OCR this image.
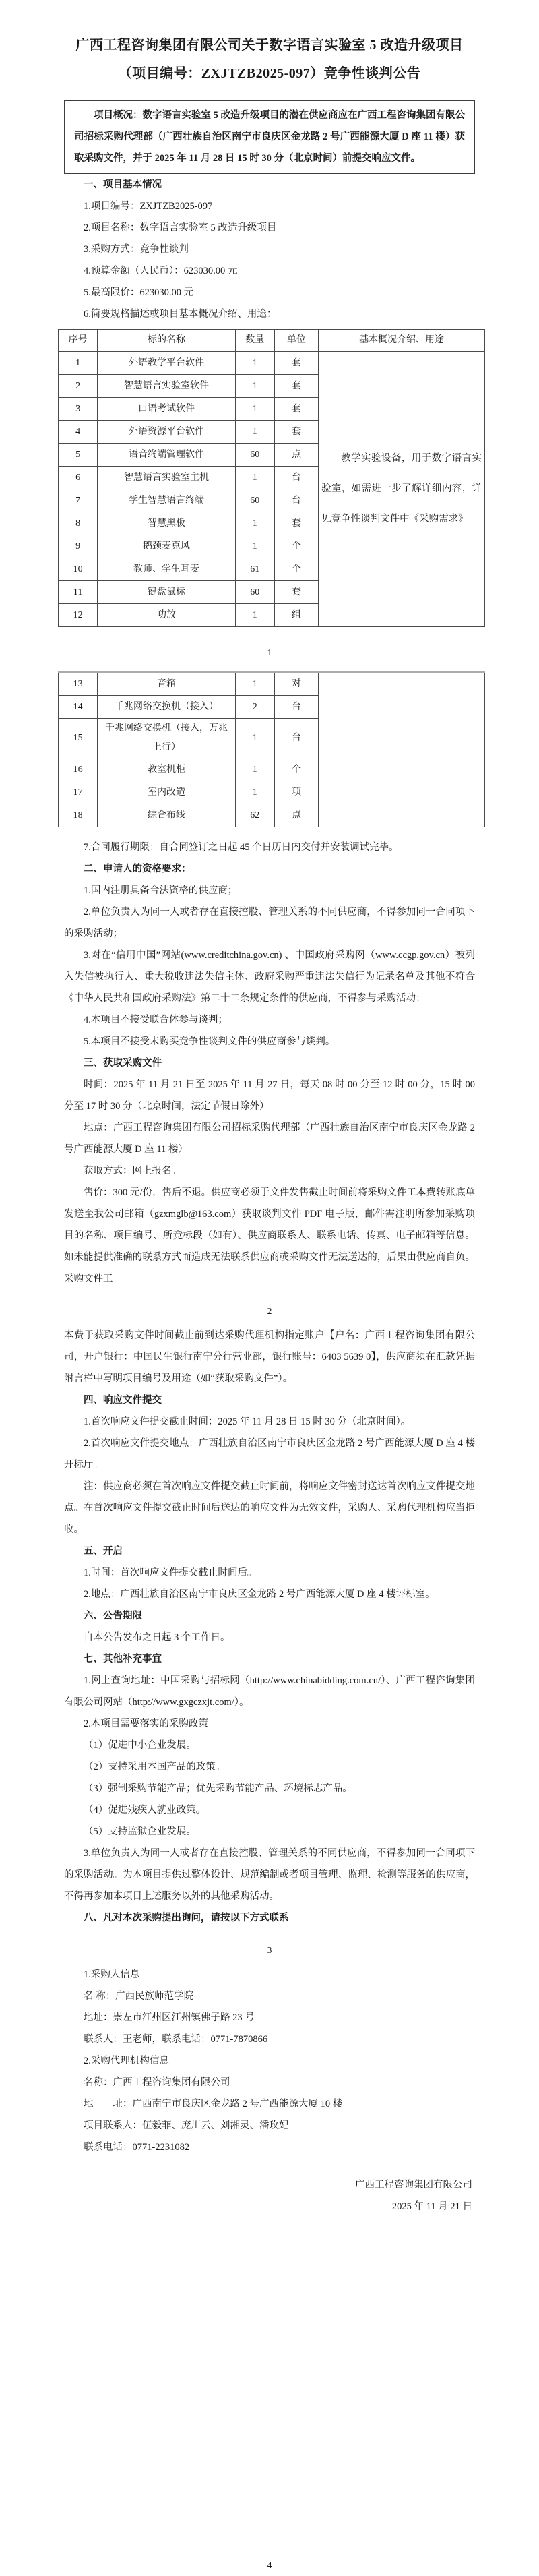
广西工程咨询集团有限公司关于数字语言实验室 5 改造升级项目
（项目编号：ZXJTZB2025-097）竞争性谈判公告
项目概况：数字语言实验室 5 改造升级项目的潜在供应商应在广西工程咨询集团有限公司招标采购代理部（广西壮族自治区南宁市良庆区金龙路 2 号广西能源大厦 D 座 11 楼）获取采购文件，并于 2025 年 11 月 28 日 15 时 30 分（北京时间）前提交响应文件。

一、项目基本情况

1.项目编号：ZXJTZB2025-097

2.项目名称：数字语言实验室 5 改造升级项目

3.采购方式：竞争性谈判

4.预算金额（人民币）：623030.00 元

5.最高限价：623030.00 元

6.简要规格描述或项目基本概况介绍、用途：

序号	标的名称	数量	单位	基本概况介绍、用途
1	外语教学平台软件	1	套	教学实验设备，用于数字语言实验室，如需进一步了解详细内容，详见竞争性谈判文件中《采购需求》。

2	智慧语言实验室软件	1	套	
3	口语考试软件	1	套	
4	外语资源平台软件	1	套	
5	语音终端管理软件	60	点	
6	智慧语言实验室主机	1	台	
7	学生智慧语言终端	60	台	
8	智慧黑板	1	套	
9	鹅颈麦克风	1	个	
10	教师、学生耳麦	61	个	
11	键盘鼠标	60	套	
12	功放	1	组	

1

13	音箱	1	对	
14	千兆网络交换机（接入）	2	台	
15	千兆网络交换机（接入，万兆上行）	1	台	
16	教室机柜	1	个	
17	室内改造	1	项	
18	综合布线	62	点	

7.合同履行期限：自合同签订之日起 45 个日历日内交付并安装调试完毕。

二、申请人的资格要求：

1.国内注册具备合法资格的供应商；

2.单位负责人为同一人或者存在直接控股、管理关系的不同供应商，不得参加同一合同项下的采购活动；

3.对在“信用中国”网站(www.creditchina.gov.cn) 、中国政府采购网（www.ccgp.gov.cn）被列入失信被执行人、重大税收违法失信主体、政府采购严重违法失信行为记录名单及其他不符合《中华人民共和国政府采购法》第二十二条规定条件的供应商，不得参与采购活动；

4.本项目不接受联合体参与谈判；

5.本项目不接受未购买竞争性谈判文件的供应商参与谈判。

三、获取采购文件

时间：2025 年 11 月 21 日至 2025 年 11 月 27 日，每天 08 时 00 分至 12 时 00 分，15 时 00 分至 17 时 30 分（北京时间，法定节假日除外）

地点：广西工程咨询集团有限公司招标采购代理部（广西壮族自治区南宁市良庆区金龙路 2 号广西能源大厦 D 座 11 楼）

获取方式：网上报名。

售价：300 元/份，售后不退。供应商必须于文件发售截止时间前将采购文件工本费转账底单发送至我公司邮箱（gzxmglb@163.com）获取谈判文件 PDF 电子版，邮件需注明所参加采购项目的名称、项目编号、所竞标段（如有）、供应商联系人、联系电话、传真、电子邮箱等信息。如未能提供准确的联系方式而造成无法联系供应商或采购文件无法送达的，后果由供应商自负。采购文件工

2

本费于获取采购文件时间截止前到达采购代理机构指定账户【户名：广西工程咨询集团有限公司，开户银行：中国民生银行南宁分行营业部，银行账号：6403 5639 0】，供应商须在汇款凭据附言栏中写明项目编号及用途（如“获取采购文件”）。

四、响应文件提交

1.首次响应文件提交截止时间：2025 年 11 月 28 日 15 时 30 分（北京时间）。

2.首次响应文件提交地点：广西壮族自治区南宁市良庆区金龙路 2 号广西能源大厦 D 座 4 楼开标厅。

注：供应商必须在首次响应文件提交截止时间前，将响应文件密封送达首次响应文件提交地点。在首次响应文件提交截止时间后送达的响应文件为无效文件，采购人、采购代理机构应当拒收。

五、开启

1.时间：首次响应文件提交截止时间后。

2.地点：广西壮族自治区南宁市良庆区金龙路 2 号广西能源大厦 D 座 4 楼评标室。

六、公告期限

自本公告发布之日起 3 个工作日。

七、其他补充事宜

1.网上查询地址：中国采购与招标网（http://www.chinabidding.com.cn/）、广西工程咨询集团有限公司网站（http://www.gxgczxjt.com/）。

2.本项目需要落实的采购政策

（1）促进中小企业发展。

（2）支持采用本国产品的政策。

（3）强制采购节能产品；优先采购节能产品、环境标志产品。

（4）促进残疾人就业政策。

（5）支持监狱企业发展。

3.单位负责人为同一人或者存在直接控股、管理关系的不同供应商，不得参加同一合同项下的采购活动。为本项目提供过整体设计、规范编制或者项目管理、监理、检测等服务的供应商，不得再参加本项目上述服务以外的其他采购活动。

八、凡对本次采购提出询问，请按以下方式联系

3

1.采购人信息

名 称：广西民族师范学院

地址：崇左市江州区江州镇佛子路 23 号

联系人：王老师，联系电话：0771-7870866

2.采购代理机构信息

名称：广西工程咨询集团有限公司

地　　址：广西南宁市良庆区金龙路 2 号广西能源大厦 10 楼

项目联系人：伍毅菲、庞川云、刘湘灵、潘玫妃

联系电话：0771-2231082

广西工程咨询集团有限公司

2025 年 11 月 21 日

4
